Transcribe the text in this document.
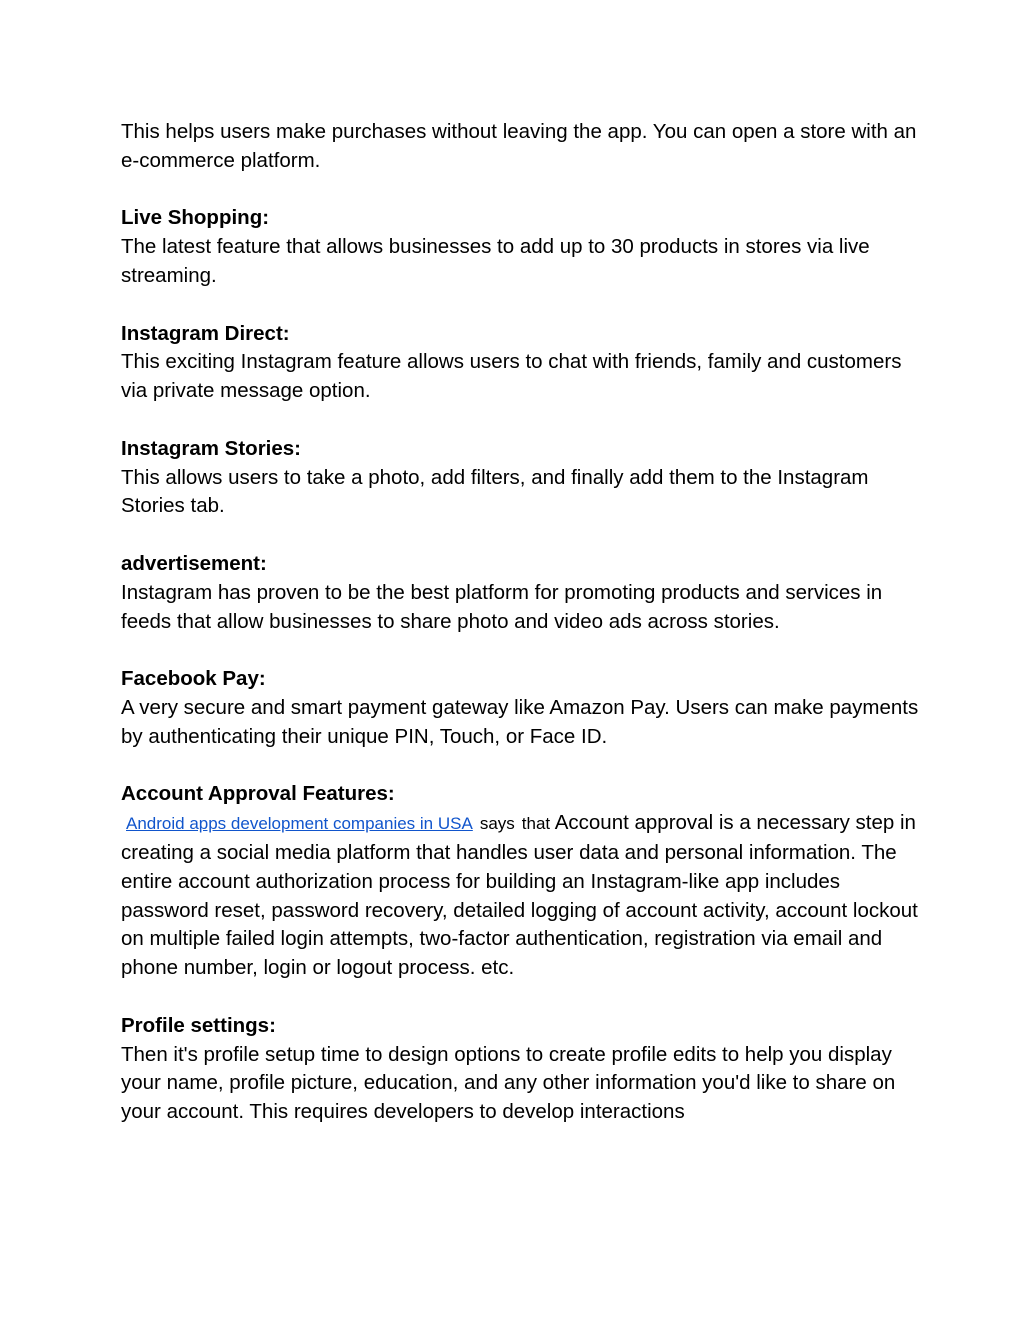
This helps users make purchases without leaving the app. You can open a store with an e-commerce platform.

Live Shopping:
The latest feature that allows businesses to add up to 30 products in stores via live streaming.

Instagram Direct:
This exciting Instagram feature allows users to chat with friends, family and customers via private message option.

Instagram Stories:
This allows users to take a photo, add filters, and finally add them to the Instagram Stories tab.

advertisement:
Instagram has proven to be the best platform for promoting products and services in feeds that allow businesses to share photo and video ads across stories.

Facebook Pay:
A very secure and smart payment gateway like Amazon Pay. Users can make payments by authenticating their unique PIN, Touch, or Face ID.

Account Approval Features:
Android apps development companies in USA says that Account approval is a necessary step in creating a social media platform that handles user data and personal information. The entire account authorization process for building an Instagram-like app includes password reset, password recovery, detailed logging of account activity, account lockout on multiple failed login attempts, two-factor authentication, registration via email and phone number, login or logout process. etc.

Profile settings:
Then it's profile setup time to design options to create profile edits to help you display your name, profile picture, education, and any other information you'd like to share on your account. This requires developers to develop interactions
